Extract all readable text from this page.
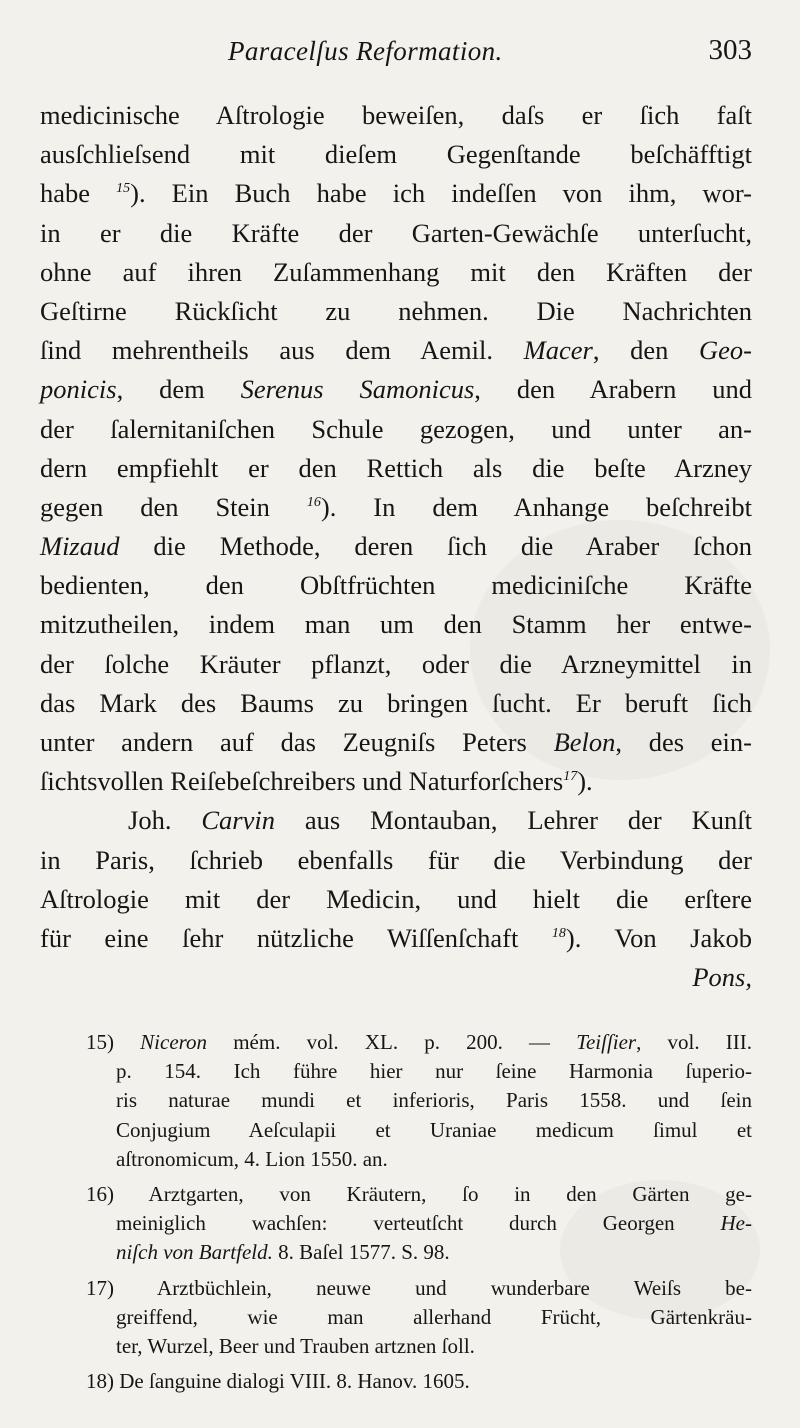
Paracelſus Reformation.	303
medicinische Aſtrologie beweiſen, daſs er ſich faſt
ausſchlieſsend mit dieſem Gegenſtande beſchäfftigt
habe $^{15}$). Ein Buch habe ich indeſſen von ihm, wor-
in er die Kräfte der Garten-Gewächſe unterſucht,
ohne auf ihren Zuſammenhang mit den Kräften der
Geſtirne Rückſicht zu nehmen. Die Nachrichten
ſind mehrentheils aus dem Aemil. Macer, den Geo-
ponicis, dem Serenus Samonicus, den Arabern und
der ſalernitaniſchen Schule gezogen, und unter an-
dern empfiehlt er den Rettich als die beſte Arzney
gegen den Stein $^{16}$). In dem Anhange beſchreibt
Mizaud die Methode, deren ſich die Araber ſchon
bedienten, den Obſtfrüchten mediciniſche Kräfte
mitzutheilen, indem man um den Stamm her entwe-
der ſolche Kräuter pflanzt, oder die Arzneymittel in
das Mark des Baums zu bringen ſucht. Er beruft ſich
unter andern auf das Zeugniſs Peters Belon, des ein-
ſichtsvollen Reiſebeſchreibers und Naturforſchers$^{17}$).
Joh. Carvin aus Montauban, Lehrer der Kunſt
in Paris, ſchrieb ebenfalls für die Verbindung der
Aſtrologie mit der Medicin, und hielt die erſtere
für eine ſehr nützliche Wiſſenſchaft $^{18}$). Von Jakob
Pons,
15) Niceron mém. vol. XL. p. 200. — Teiſſier, vol. III.
p. 154. Ich führe hier nur ſeine Harmonia ſuperio-
ris naturae mundi et inferioris, Paris 1558. und ſein
Conjugium Aeſculapii et Uraniae medicum ſimul et
aſtronomicum, 4. Lion 1550. an.
16) Arztgarten, von Kräutern, ſo in den Gärten ge-
meiniglich wachſen: verteutſcht durch Georgen He-
niſch von Bartfeld. 8. Baſel 1577. S. 98.
17) Arztbüchlein, neuwe und wunderbare Weiſs be-
greiffend, wie man allerhand Frücht, Gärtenkräu-
ter, Wurzel, Beer und Trauben artznen ſoll.
18) De ſanguine dialogi VIII. 8. Hanov. 1605.
